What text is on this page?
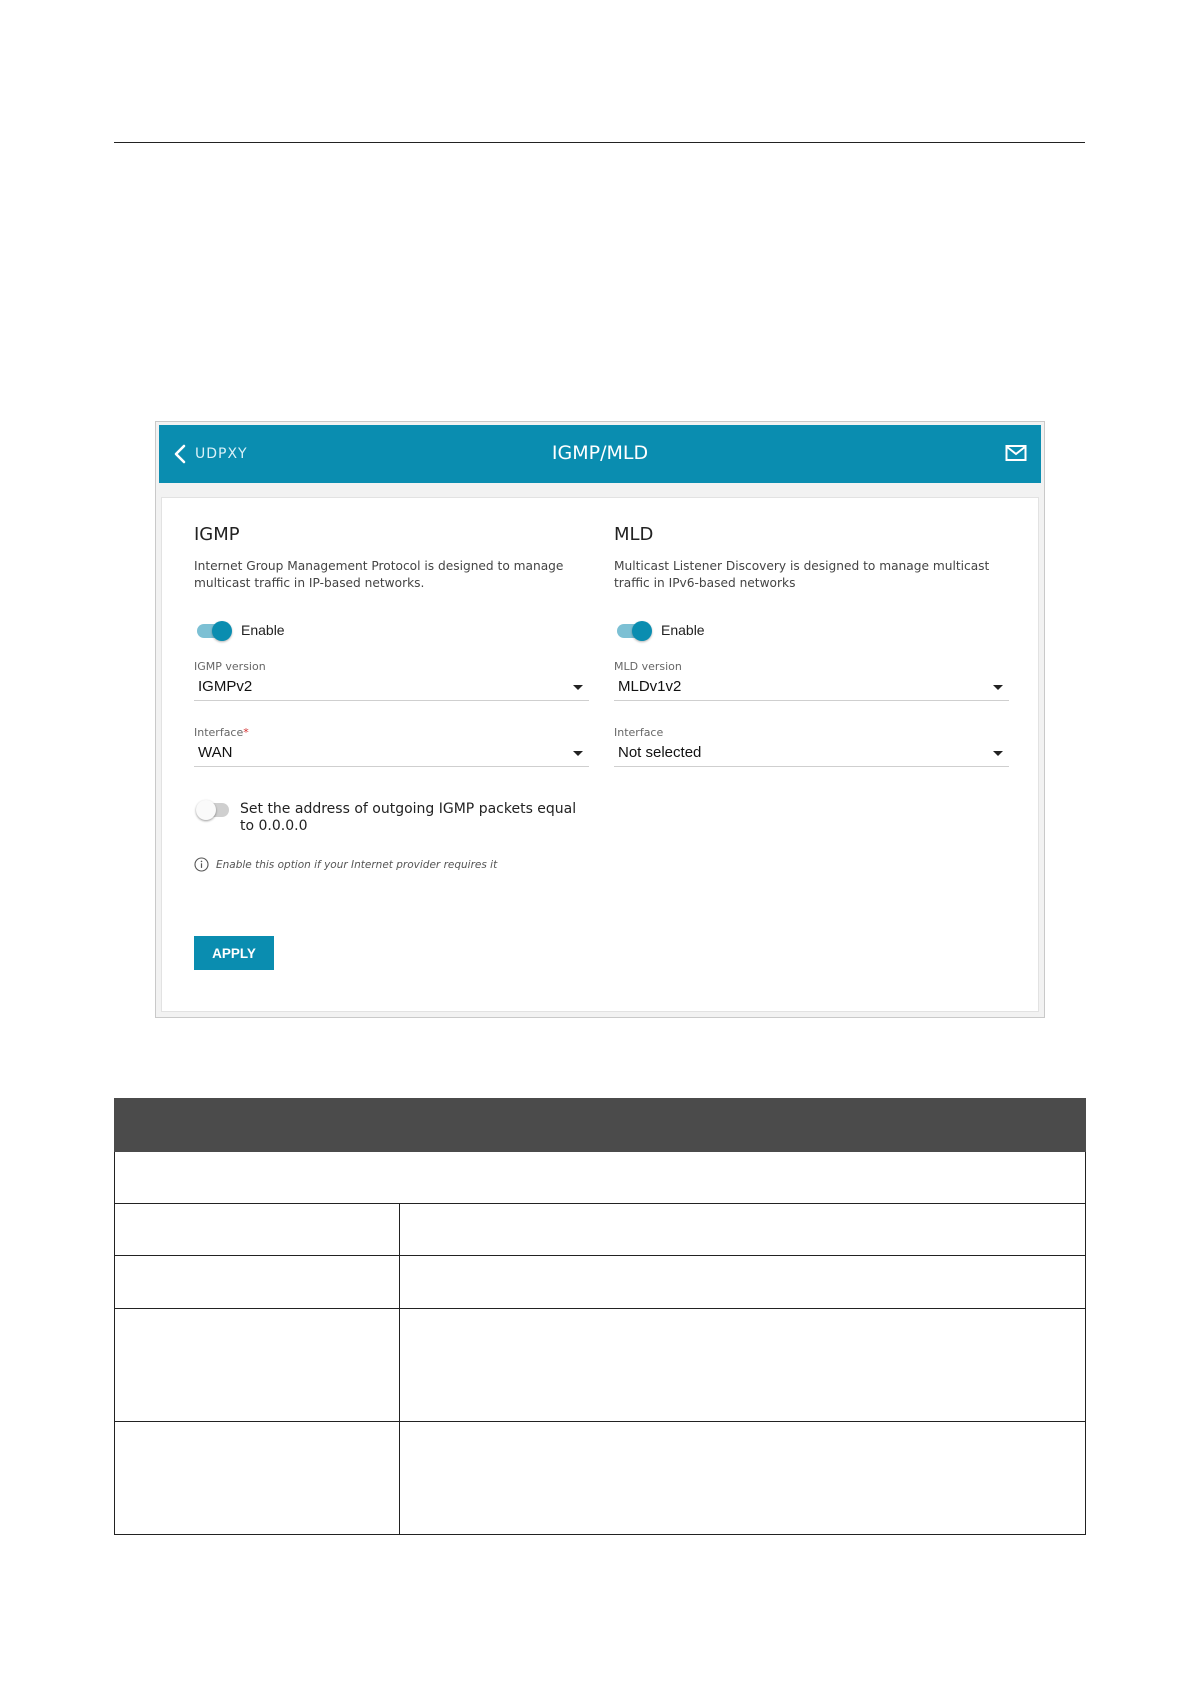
UDPXY	IGMP/MLD
IGMP
Internet Group Management Protocol is designed to manage multicast traffic in IP-based networks.
Enable
IGMP version
IGMPv2
Interface*
WAN
Set the address of outgoing IGMP packets equal to 0.0.0.0
Enable this option if your Internet provider requires it
APPLY
MLD
Multicast Listener Discovery is designed to manage multicast traffic in IPv6-based networks
Enable
MLD version
MLDv1v2
Interface
Not selected
